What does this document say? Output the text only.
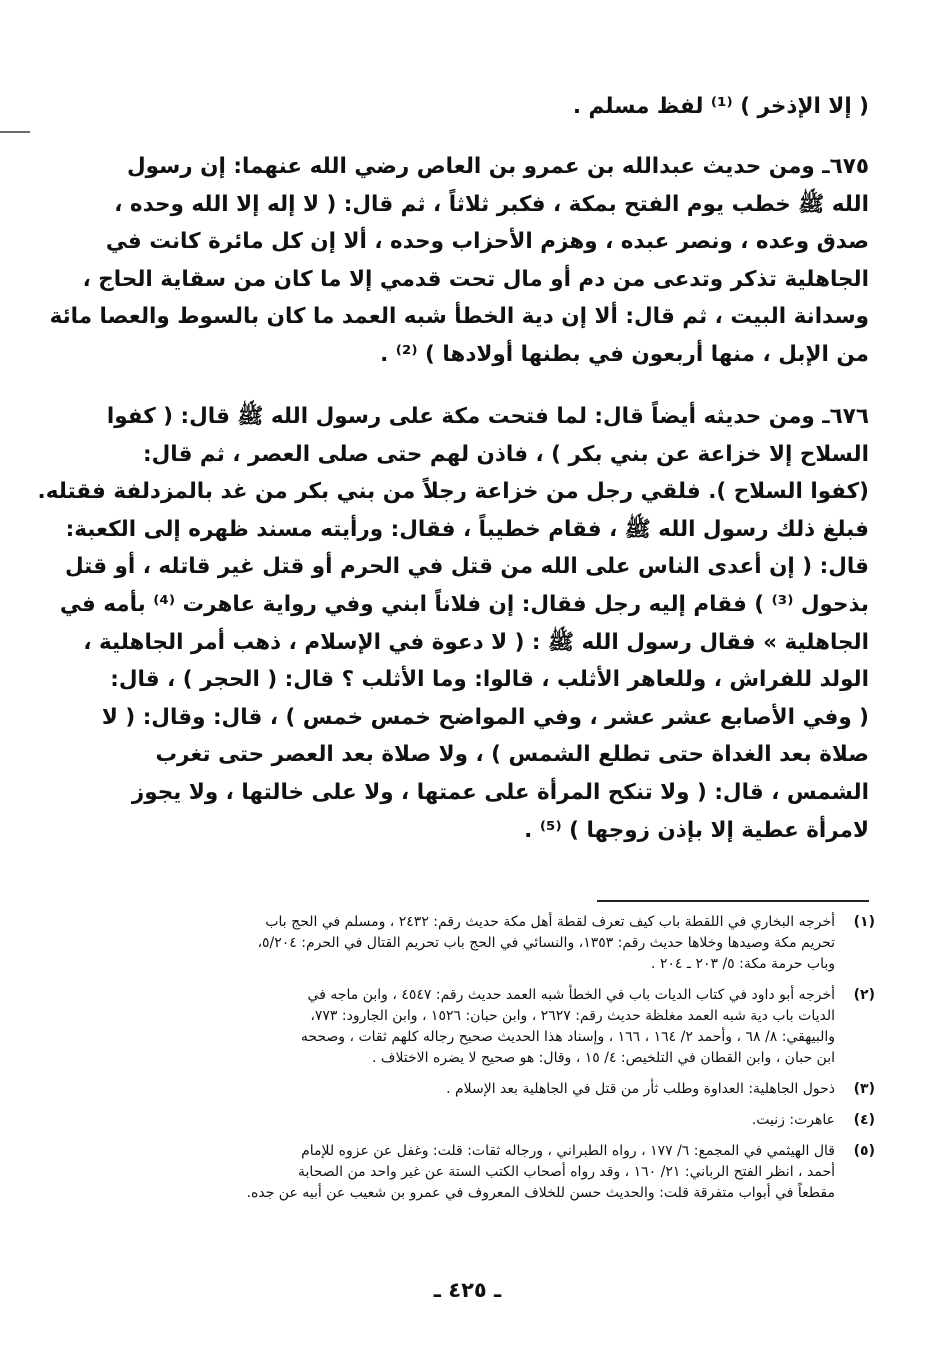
( إلا الإذخر ) ⁽¹⁾ لفظ مسلم .
٦٧٥ـ ومن حديث عبدالله بن عمرو بن العاص رضي الله عنهما: إن رسول
الله ﷺ خطب يوم الفتح بمكة ، فكبر ثلاثاً ، ثم قال: ( لا إله إلا الله وحده ،
صدق وعده ، ونصر عبده ، وهزم الأحزاب وحده ، ألا إن كل مائرة كانت في
الجاهلية تذكر وتدعى من دم أو مال تحت قدمي إلا ما كان من سقاية الحاج ،
وسدانة البيت ، ثم قال: ألا إن دية الخطأ شبه العمد ما كان بالسوط والعصا مائة
من الإبل ، منها أربعون في بطنها أولادها ) ⁽²⁾ .
٦٧٦ـ ومن حديثه أيضاً قال: لما فتحت مكة على رسول الله ﷺ قال: ( كفوا
السلاح إلا خزاعة عن بني بكر ) ، فاذن لهم حتى صلى العصر ، ثم قال:
(كفوا السلاح ). فلقي رجل من خزاعة رجلاً من بني بكر من غد بالمزدلفة فقتله.
فبلغ ذلك رسول الله ﷺ ، فقام خطيباً ، فقال: ورأيته مسند ظهره إلى الكعبة:
قال: ( إن أعدى الناس على الله من قتل في الحرم أو قتل غير قاتله ، أو قتل
بذحول ⁽³⁾ ) فقام إليه رجل فقال: إن فلاناً ابني وفي رواية عاهرت ⁽⁴⁾ بأمه في
الجاهلية » فقال رسول الله ﷺ : ( لا دعوة في الإسلام ، ذهب أمر الجاهلية ،
الولد للفراش ، وللعاهر الأثلب ، قالوا: وما الأثلب ؟ قال: ( الحجر ) ، قال:
( وفي الأصابع عشر عشر ، وفي المواضح خمس خمس ) ، قال: وقال: ( لا
صلاة بعد الغداة حتى تطلع الشمس ) ، ولا صلاة بعد العصر حتى تغرب
الشمس ، قال: ( ولا تنكح المرأة على عمتها ، ولا على خالتها ، ولا يجوز
لامرأة عطية إلا بإذن زوجها ) ⁽⁵⁾ .
(١)
أخرجه البخاري في اللقطة باب كيف تعرف لقطة أهل مكة حديث رقم: ٢٤٣٢ ، ومسلم في الحج باب
تحريم مكة وصيدها وخلاها حديث رقم: ١٣٥٣، والنسائي في الحج باب تحريم القتال في الحرم: ٥/٢٠٤،
وباب حرمة مكة: ٥/ ٢٠٣ ـ ٢٠٤ .
(٢)
أخرجه أبو داود في كتاب الديات باب في الخطأ شبه العمد حديث رقم: ٤٥٤٧ ، وابن ماجه في
الديات باب دية شبه العمد مغلظة حديث رقم: ٢٦٢٧ ، وابن حبان: ١٥٢٦ ، وابن الجارود: ٧٧٣،
والبيهقي: ٨/ ٦٨ ، وأحمد ٢/ ١٦٤ ، ١٦٦ ، وإسناد هذا الحديث صحيح رجاله كلهم ثقات ، وصححه
ابن حبان ، وابن القطان في التلخيص: ٤/ ١٥ ، وقال: هو صحيح لا يضره الاختلاف .
(٣)
ذحول الجاهلية: العداوة وطلب ثأر من قتل في الجاهلية بعد الإسلام .
(٤)
عاهرت: زنيت.
(٥)
قال الهيثمي في المجمع: ٦/ ١٧٧ ، رواه الطبراني ، ورجاله ثقات: قلت: وغفل عن عزوه للإمام
أحمد ، انظر الفتح الرباني: ٢١/ ١٦٠ ، وقد رواه أصحاب الكتب الستة عن غير واحد من الصحابة
مقطعاً في أبواب متفرقة قلت: والحديث حسن للخلاف المعروف في عمرو بن شعيب عن أبيه عن جده.
ـ ٤٢٥ ـ
